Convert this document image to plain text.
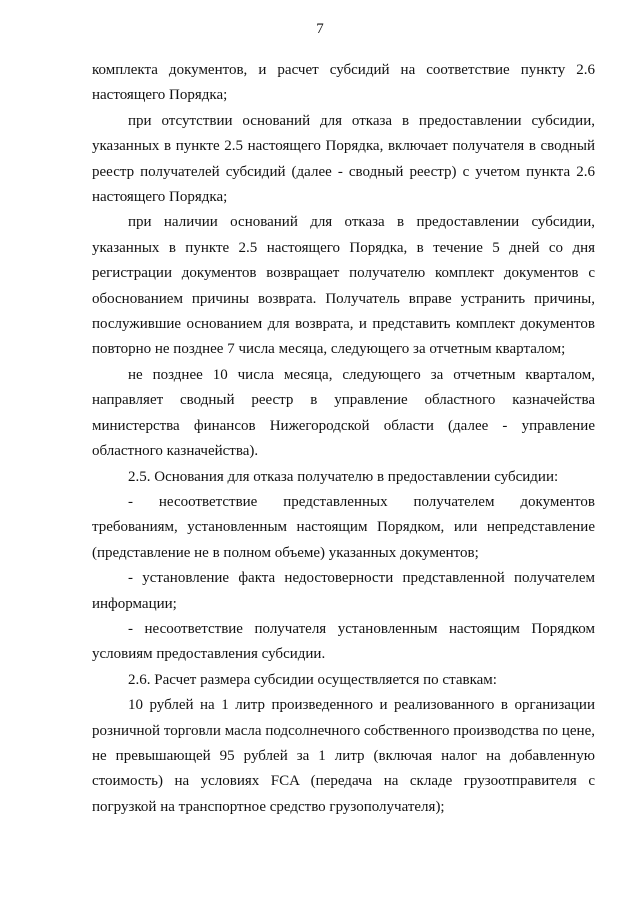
7

комплекта документов, и расчет субсидий на соответствие пункту 2.6 настоящего Порядка;

при отсутствии оснований для отказа в предоставлении субсидии, указанных в пункте 2.5 настоящего Порядка, включает получателя в сводный реестр получателей субсидий (далее - сводный реестр) с учетом пункта 2.6 настоящего Порядка;

при наличии оснований для отказа в предоставлении субсидии, указанных в пункте 2.5 настоящего Порядка, в течение 5 дней со дня регистрации документов возвращает получателю комплект документов с обоснованием причины возврата. Получатель вправе устранить причины, послужившие основанием для возврата, и представить комплект документов повторно не позднее 7 числа месяца, следующего за отчетным кварталом;

не позднее 10 числа месяца, следующего за отчетным кварталом, направляет сводный реестр в управление областного казначейства министерства финансов Нижегородской области (далее - управление областного казначейства).

2.5. Основания для отказа получателю в предоставлении субсидии:

- несоответствие представленных получателем документов требованиям, установленным настоящим Порядком, или непредставление (представление не в полном объеме) указанных документов;

- установление факта недостоверности представленной получателем информации;

- несоответствие получателя установленным настоящим Порядком условиям предоставления субсидии.

2.6. Расчет размера субсидии осуществляется по ставкам:

10 рублей на 1 литр произведенного и реализованного в организации розничной торговли масла подсолнечного собственного производства по цене, не превышающей 95 рублей за 1 литр (включая налог на добавленную стоимость) на условиях FCA (передача на складе грузоотправителя с погрузкой на транспортное средство грузополучателя);
